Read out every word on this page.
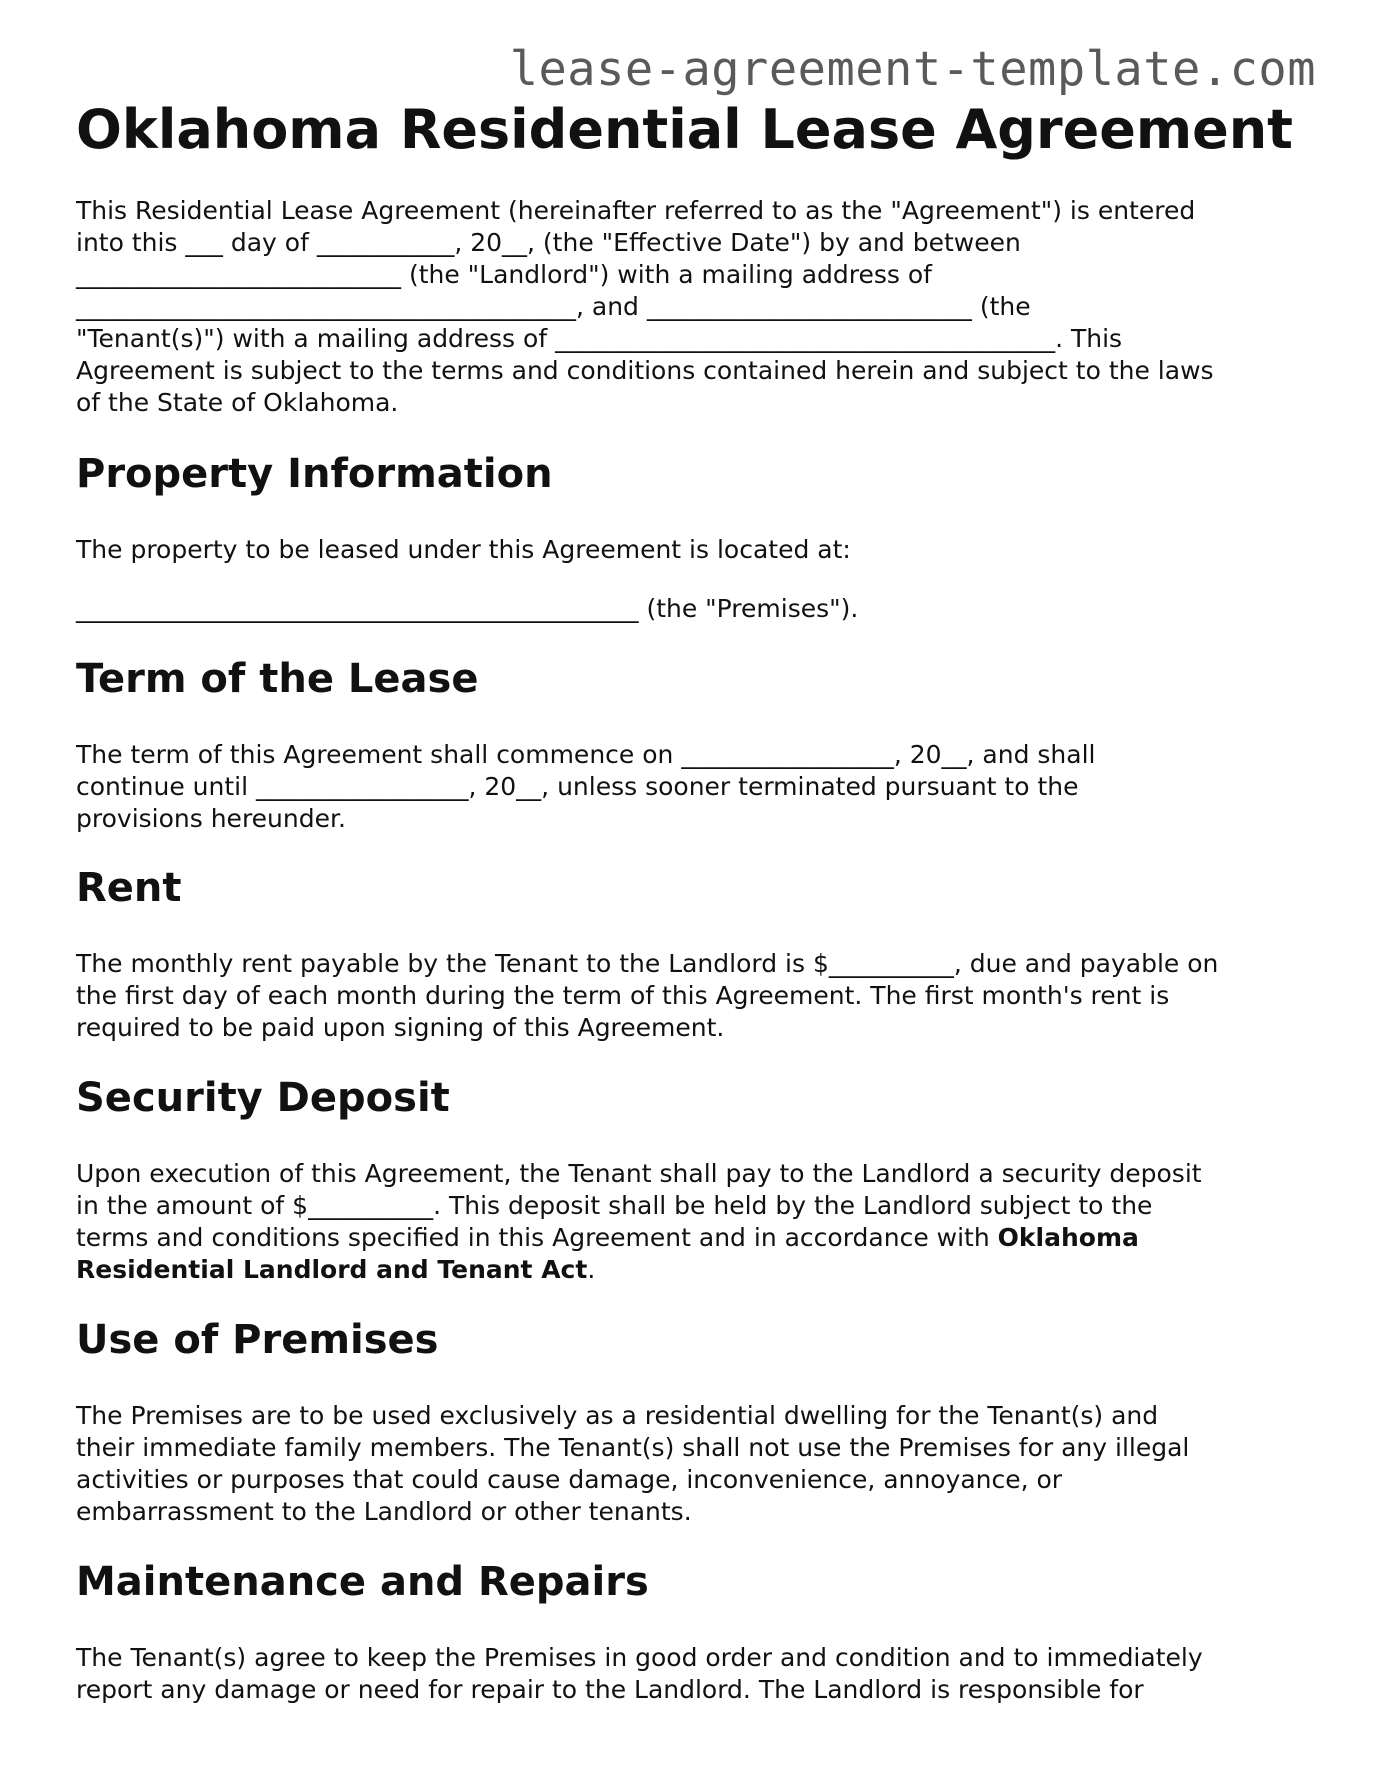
lease-agreement-template.com
Oklahoma Residential Lease Agreement

This Residential Lease Agreement (hereinafter referred to as the "Agreement") is entered
into this ___ day of ___________, 20__, (the "Effective Date") by and between
__________________________ (the "Landlord") with a mailing address of
________________________________________, and __________________________ (the
"Tenant(s)") with a mailing address of ________________________________________. This
Agreement is subject to the terms and conditions contained herein and subject to the laws
of the State of Oklahoma.

Property Information

The property to be leased under this Agreement is located at:

_____________________________________________ (the "Premises").

Term of the Lease

The term of this Agreement shall commence on _________________, 20__, and shall
continue until _________________, 20__, unless sooner terminated pursuant to the
provisions hereunder.

Rent

The monthly rent payable by the Tenant to the Landlord is $__________, due and payable on
the first day of each month during the term of this Agreement. The first month's rent is
required to be paid upon signing of this Agreement.

Security Deposit

Upon execution of this Agreement, the Tenant shall pay to the Landlord a security deposit
in the amount of $__________. This deposit shall be held by the Landlord subject to the
terms and conditions specified in this Agreement and in accordance with Oklahoma
Residential Landlord and Tenant Act.

Use of Premises

The Premises are to be used exclusively as a residential dwelling for the Tenant(s) and
their immediate family members. The Tenant(s) shall not use the Premises for any illegal
activities or purposes that could cause damage, inconvenience, annoyance, or
embarrassment to the Landlord or other tenants.

Maintenance and Repairs

The Tenant(s) agree to keep the Premises in good order and condition and to immediately
report any damage or need for repair to the Landlord. The Landlord is responsible for
